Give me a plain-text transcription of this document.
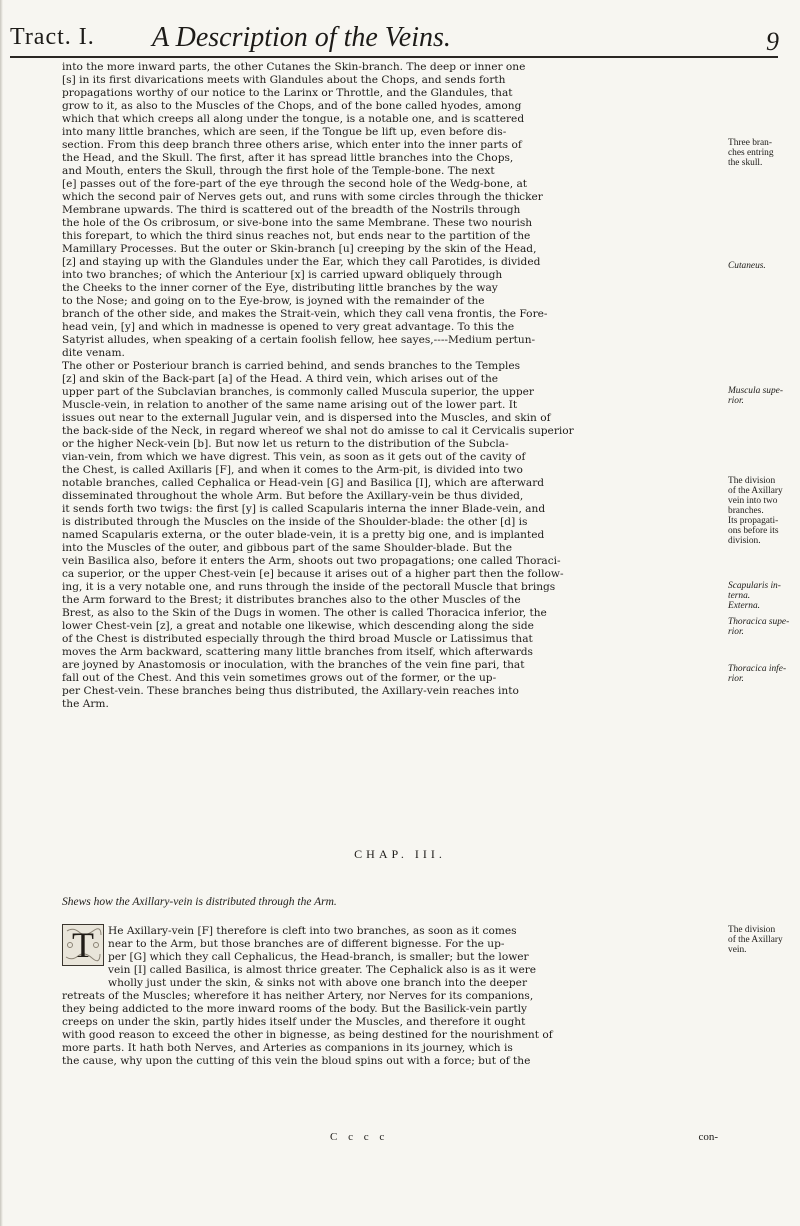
Tract. I. A Description of the Veins.	9
into the more inward parts, the other Cutanes the Skin-branch. The deep or inner one
[s] in its first divarications meets with Glandules about the Chops, and sends forth
propagations worthy of our notice to the Larinx or Throttle, and the Glandules, that
grow to it, as also to the Muscles of the Chops, and of the bone called hyodes, among
which that which creeps all along under the tongue, is a notable one, and is scattered
into many little branches, which are seen, if the Tongue be lift up, even before dis-
section. From this deep branch three others arise, which enter into the inner parts of
the Head, and the Skull. The first, after it has spread little branches into the Chops,
and Mouth, enters the Skull, through the first hole of the Temple-bone. The next
[e] passes out of the fore-part of the eye through the second hole of the Wedg-bone, at
which the second pair of Nerves gets out, and runs with some circles through the thicker
Membrane upwards. The third is scattered out of the breadth of the Nostrils through
the hole of the Os cribrosum, or sive-bone into the same Membrane. These two nourish
this forepart, to which the third sinus reaches not, but ends near to the partition of the
Mamillary Processes. But the outer or Skin-branch [u] creeping by the skin of the Head,
[z] and staying up with the Glandules under the Ear, which they call Parotides, is divided
into two branches; of which the Anteriour [x] is carried upward obliquely through
the Cheeks to the inner corner of the Eye, distributing little branches by the way
to the Nose; and going on to the Eye-brow, is joyned with the remainder of the
branch of the other side, and makes the Strait-vein, which they call vena frontis, the Fore-
head vein, [y] and which in madnesse is opened to very great advantage. To this the
Satyrist alludes, when speaking of a certain foolish fellow, hee sayes,----Medium pertun-
dite venam.
The other or Posteriour branch is carried behind, and sends branches to the Temples
[z] and skin of the Back-part [a] of the Head. A third vein, which arises out of the
upper part of the Subclavian branches, is commonly called Muscula superior, the upper
Muscle-vein, in relation to another of the same name arising out of the lower part. It
issues out near to the externall Jugular vein, and is dispersed into the Muscles, and skin of
the back-side of the Neck, in regard whereof we shal not do amisse to cal it Cervicalis superior
or the higher Neck-vein [b]. But now let us return to the distribution of the Subcla-
vian-vein, from which we have digrest. This vein, as soon as it gets out of the cavity of
the Chest, is called Axillaris [F], and when it comes to the Arm-pit, is divided into two
notable branches, called Cephalica or Head-vein [G] and Basilica [I], which are afterward
disseminated throughout the whole Arm. But before the Axillary-vein be thus divided,
it sends forth two twigs: the first [y] is called Scapularis interna the inner Blade-vein, and
is distributed through the Muscles on the inside of the Shoulder-blade: the other [d] is
named Scapularis externa, or the outer blade-vein, it is a pretty big one, and is implanted
into the Muscles of the outer, and gibbous part of the same Shoulder-blade. But the
vein Basilica also, before it enters the Arm, shoots out two propagations; one called Thoraci-
ca superior, or the upper Chest-vein [e] because it arises out of a higher part then the follow-
ing, it is a very notable one, and runs through the inside of the pectorall Muscle that brings
the Arm forward to the Brest; it distributes branches also to the other Muscles of the
Brest, as also to the Skin of the Dugs in women. The other is called Thoracica inferior, the
lower Chest-vein [z], a great and notable one likewise, which descending along the side
of the Chest is distributed especially through the third broad Muscle or Latissimus that
moves the Arm backward, scattering many little branches from itself, which afterwards
are joyned by Anastomosis or inoculation, with the branches of the vein fine pari, that
fall out of the Chest. And this vein sometimes grows out of the former, or the up-
per Chest-vein. These branches being thus distributed, the Axillary-vein reaches into
the Arm.
Three bran-
ches entring
the skull.
Cutaneus.
Muscula supe-
rior.
The division
of the Axillary
vein into two
branches.
Its propagati-
ons before its
division.
Scapularis in-
terna.
Externa.
Thoracica supe-
rior.
Thoracica infe-
rior.
CHAP. III.
Shews how the Axillary-vein is distributed through the Arm.
T	He Axillary-vein [F] therefore is cleft into two branches, as soon as it comes
near to the Arm, but those branches are of different bignesse. For the up-
per [G] which they call Cephalicus, the Head-branch, is smaller; but the lower
vein [I] called Basilica, is almost thrice greater. The Cephalick also is as it were
wholly just under the skin, & sinks not with above one branch into the deeper
retreats of the Muscles; wherefore it has neither Artery, nor Nerves for its companions,
they being addicted to the more inward rooms of the body. But the Basilick-vein partly
creeps on under the skin, partly hides itself under the Muscles, and therefore it ought
with good reason to exceed the other in bignesse, as being destined for the nourishment of
more parts. It hath both Nerves, and Arteries as companions in its journey, which is
the cause, why upon the cutting of this vein the bloud spins out with a force; but of the
The division
of the Axillary
vein.
C c c c	con-
